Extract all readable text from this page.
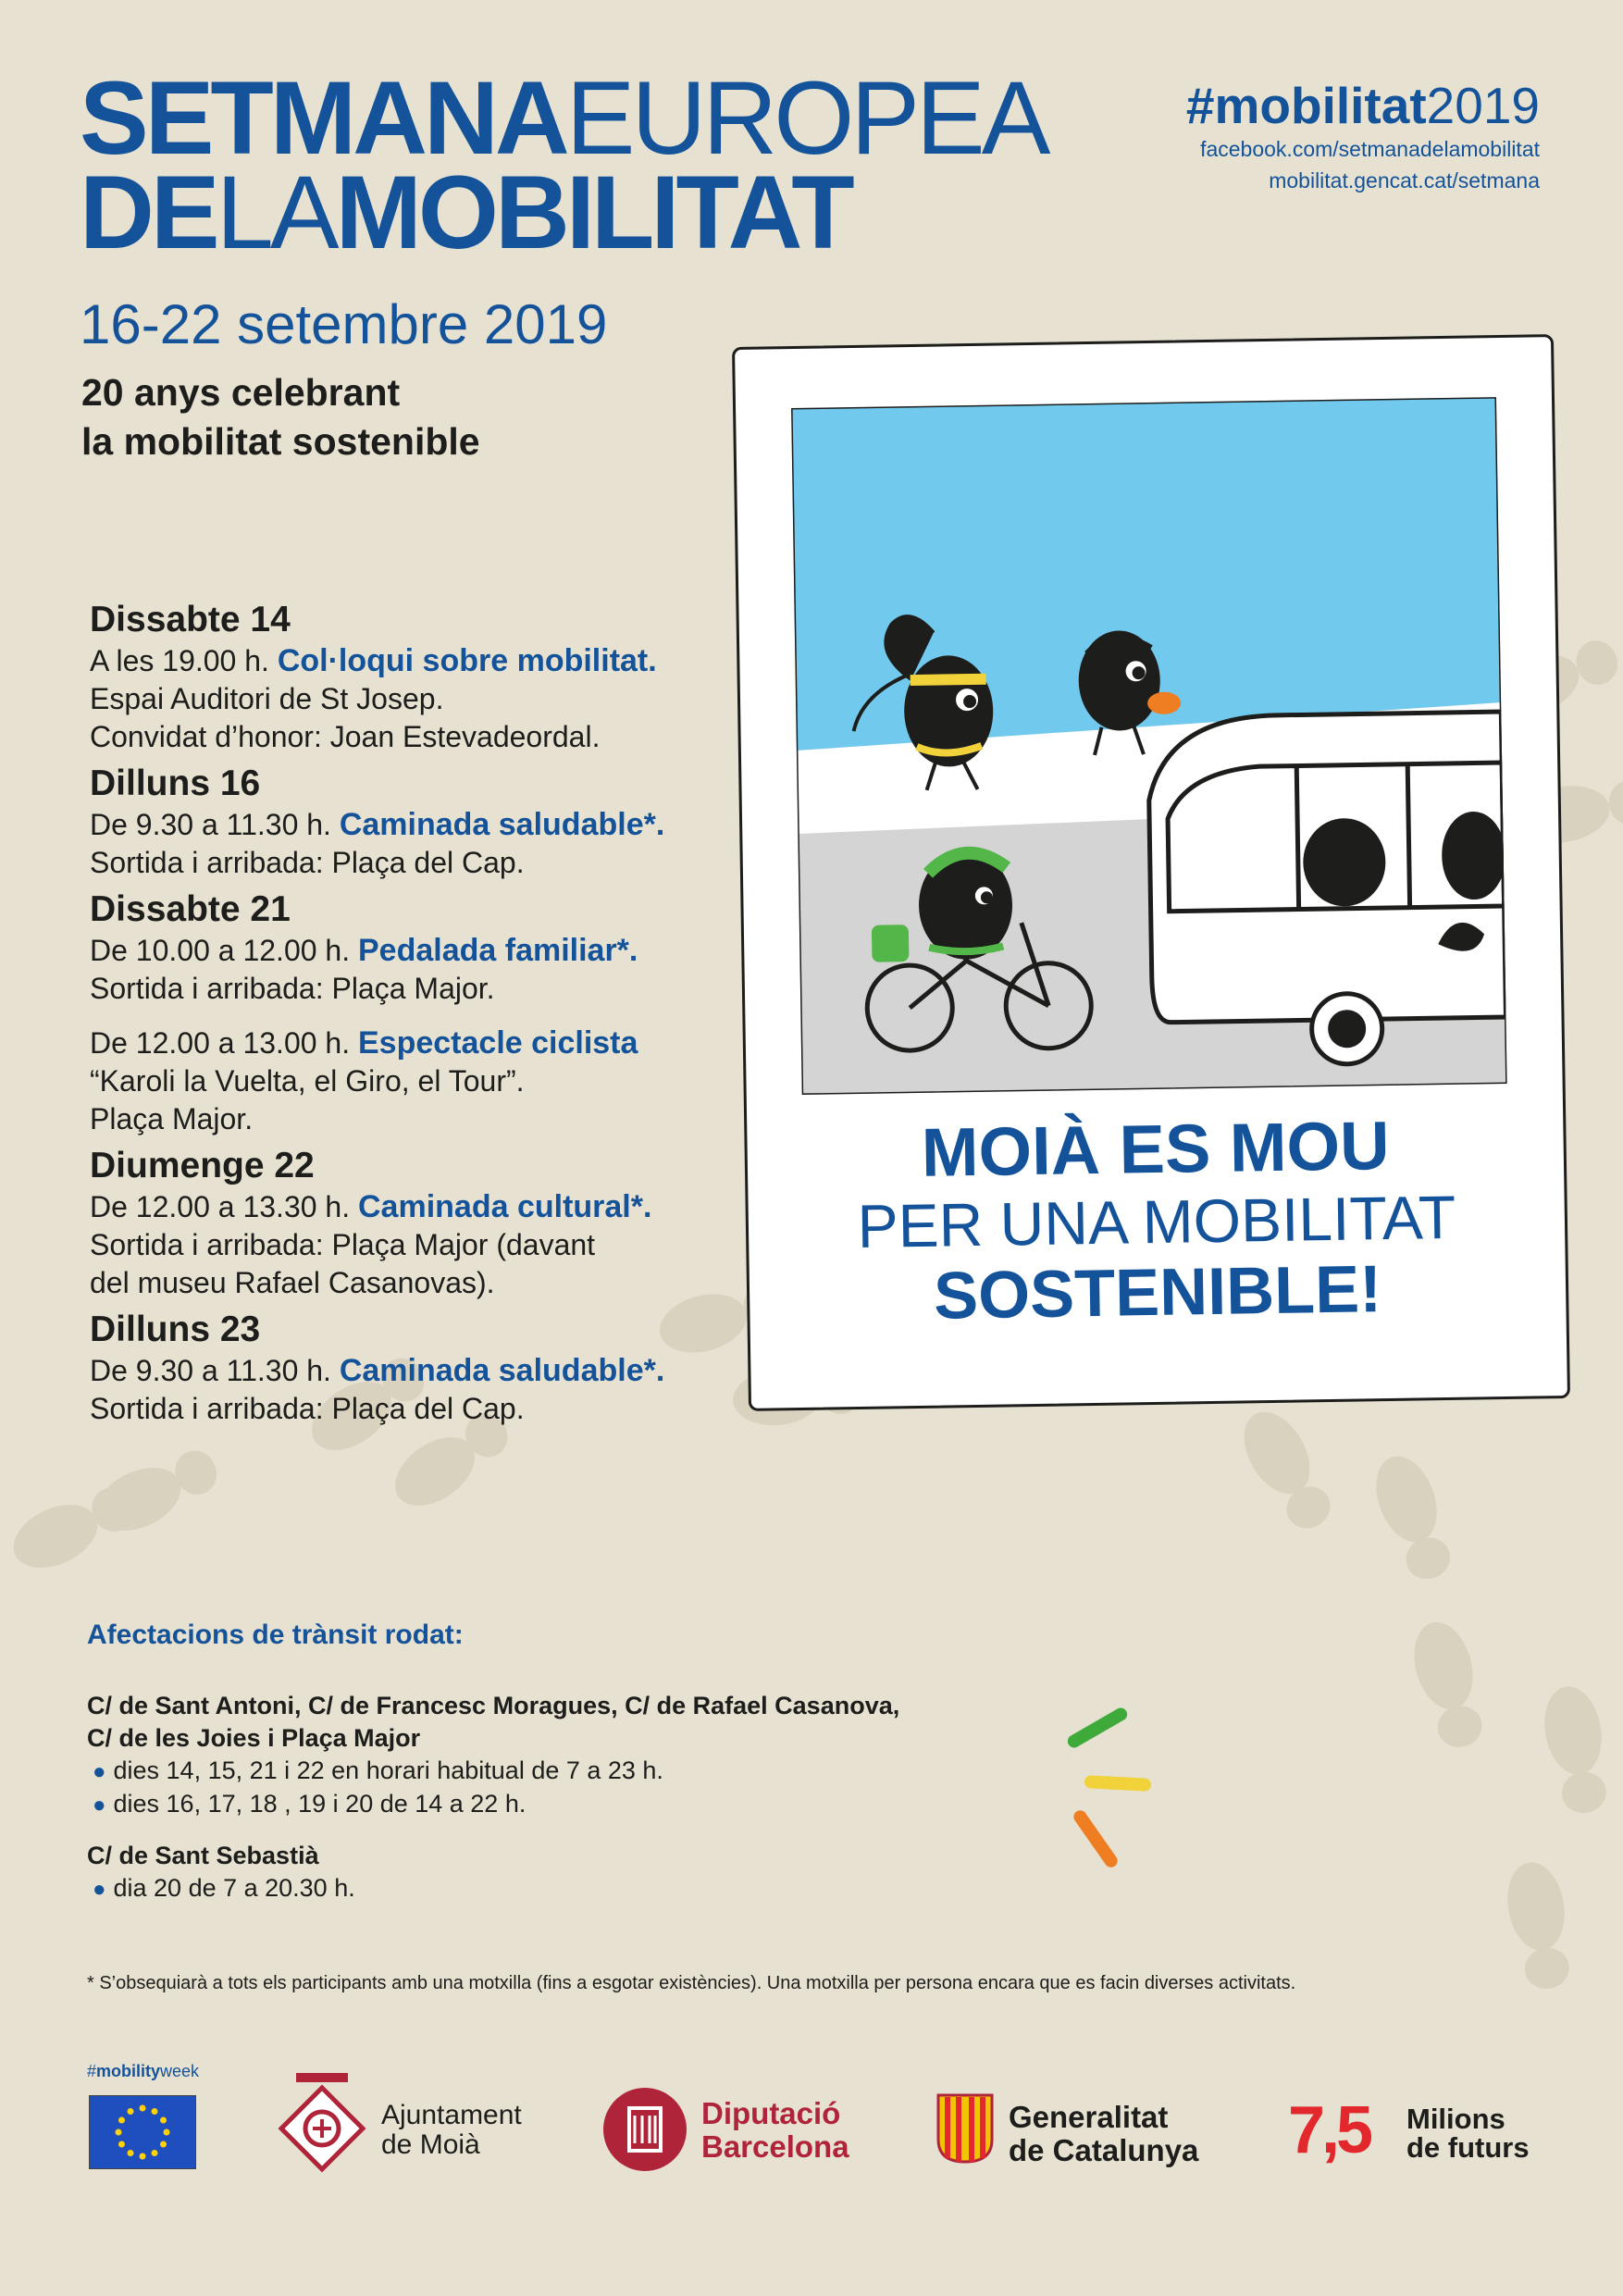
SETMANAEUROPEA
DELAMOBILITAT
16-22 setembre 2019
20 anys celebrant
la mobilitat sostenible
#mobilitat2019
facebook.com/setmanadelamobilitat
mobilitat.gencat.cat/setmana
Dissabte 14
A les 19.00 h. Col·loqui sobre mobilitat.
Espai Auditori de St Josep.
Convidat d’honor: Joan Estevadeordal.
Dilluns 16
De 9.30 a 11.30 h. Caminada saludable*.
Sortida i arribada: Plaça del Cap.
Dissabte 21
De 10.00 a 12.00 h. Pedalada familiar*.
Sortida i arribada: Plaça Major.
De 12.00 a 13.00 h. Espectacle ciclista
“Karoli la Vuelta, el Giro, el Tour”.
Plaça Major.
Diumenge 22
De 12.00 a 13.30 h. Caminada cultural*.
Sortida i arribada: Plaça Major (davant
del museu Rafael Casanovas).
Dilluns 23
De 9.30 a 11.30 h. Caminada saludable*.
Sortida i arribada: Plaça del Cap.
MOIÀ ES MOU
PER UNA MOBILITAT
SOSTENIBLE!
Afectacions de trànsit rodat:
C/ de Sant Antoni, C/ de Francesc Moragues, C/ de Rafael Casanova,
C/ de les Joies i Plaça Major
● dies 14, 15, 21 i 22 en horari habitual de 7 a 23 h.
● dies 16, 17, 18 , 19 i 20 de 14 a 22 h.
C/ de Sant Sebastià
● dia 20 de 7 a 20.30 h.
* S’obsequiarà a tots els participants amb una motxilla (fins a esgotar existències). Una motxilla per persona encara que es facin diverses activitats.
#mobilityweek
Ajuntament
de Moià
Diputació
Barcelona
Generalitat
de Catalunya 7,5 Milions
de futurs
